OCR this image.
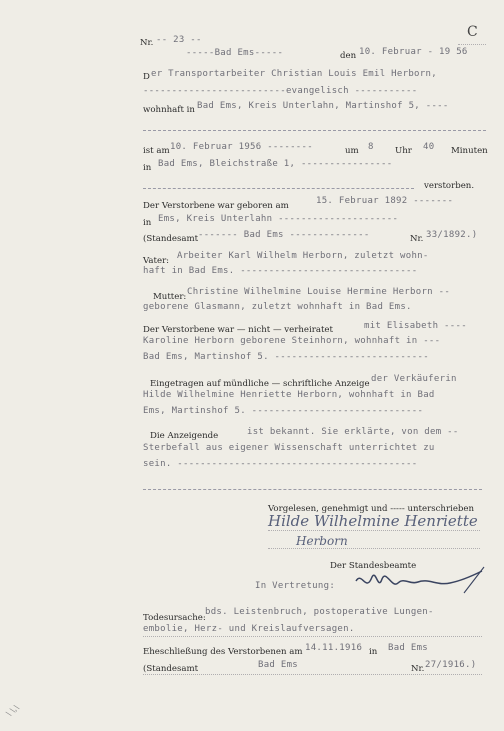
Nr. -- 23 --	C
-----Bad Ems-----	den 10. Februar - 19 56
D er Transportarbeiter Christian Louis Emil Herborn,
-------------------------evangelisch -----------
wohnhaft in Bad Ems, Kreis Unterlahn, Martinshof 5, ----
ist am 10. Februar 1956 --------	um 8 Uhr 40 Minuten
in Bad Ems, Bleichstraße 1, ----------------
verstorben.
Der Verstorbene war geboren am	15. Februar 1892 -------
in Ems, Kreis Unterlahn ---------------------
(Standesamt ------- Bad Ems --------------	Nr. 33/1892.)
Vater: Arbeiter Karl Wilhelm Herborn, zuletzt wohn-
haft in Bad Ems. -------------------------------
Mutter: Christine Wilhelmine Louise Hermine Herborn --
geborene Glasmann, zuletzt wohnhaft in Bad Ems.
Der Verstorbene war — nicht — verheiratet	mit Elisabeth ----
Karoline Herborn geborene Steinhorn, wohnhaft in ---
Bad Ems, Martinshof 5. ---------------------------
Eingetragen auf mündliche — schriftliche Anzeige der Verkäuferin
Hilde Wilhelmine Henriette Herborn, wohnhaft in Bad
Ems, Martinshof 5. ------------------------------
Die Anzeigende	ist bekannt. Sie erklärte, von dem --
Sterbefall aus eigener Wissenschaft unterrichtet zu
sein. ------------------------------------------
Vorgelesen, genehmigt und ----- unterschrieben
Hilde Wilhelmine Henriette
Herborn
Der Standesbeamte
In Vertretung:
Todesursache:
bds. Leistenbruch, postoperative Lungen-
embolie, Herz- und Kreislaufversagen.
Eheschließung des Verstorbenen am 14.11.1916 in Bad Ems
(Standesamt	Bad Ems	Nr. 27/1916.)
\ \,\
